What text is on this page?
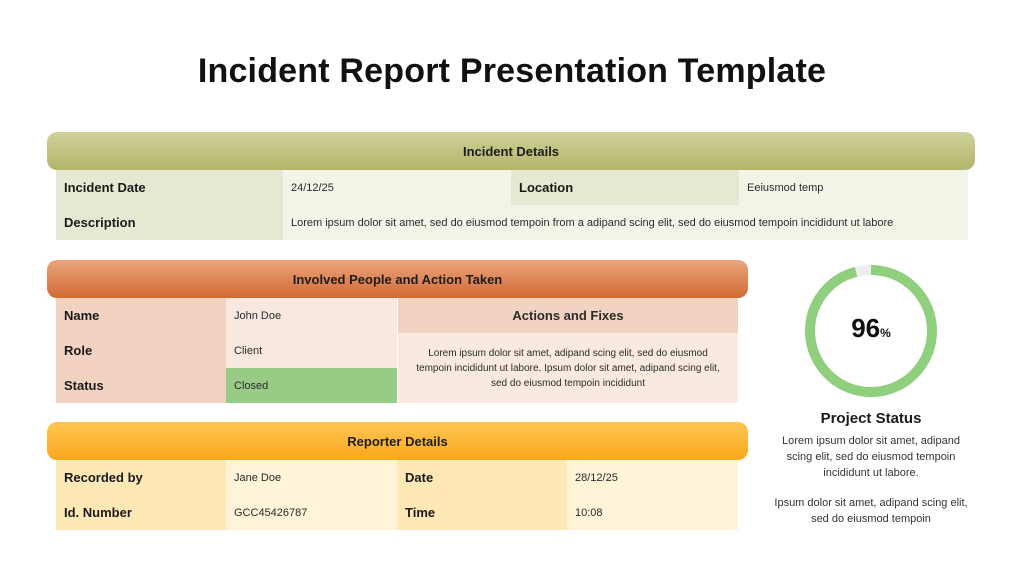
Incident Report Presentation Template
Incident Details
Incident Date	24/12/25	Location	Eeiusmod temp
Description	Lorem ipsum dolor sit amet, sed do eiusmod tempoin from a adipand scing elit, sed do eiusmod tempoin incididunt ut labore
Involved People and Action Taken
Name	John Doe
Role	Client
Status	Closed
Actions and Fixes
Lorem ipsum dolor sit amet, adipand scing elit, sed do eiusmod tempoin incididunt ut labore. Ipsum dolor sit amet, adipand scing elit, sed do eiusmod tempoin incididunt
Reporter Details
Recorded by	Jane Doe	Date	28/12/25
Id. Number	GCC45426787	Time	10:08
96%
Project Status
Lorem ipsum dolor sit amet, adipand scing elit, sed do eiusmod tempoin incididunt ut labore.
Ipsum dolor sit amet, adipand scing elit, sed do eiusmod tempoin
